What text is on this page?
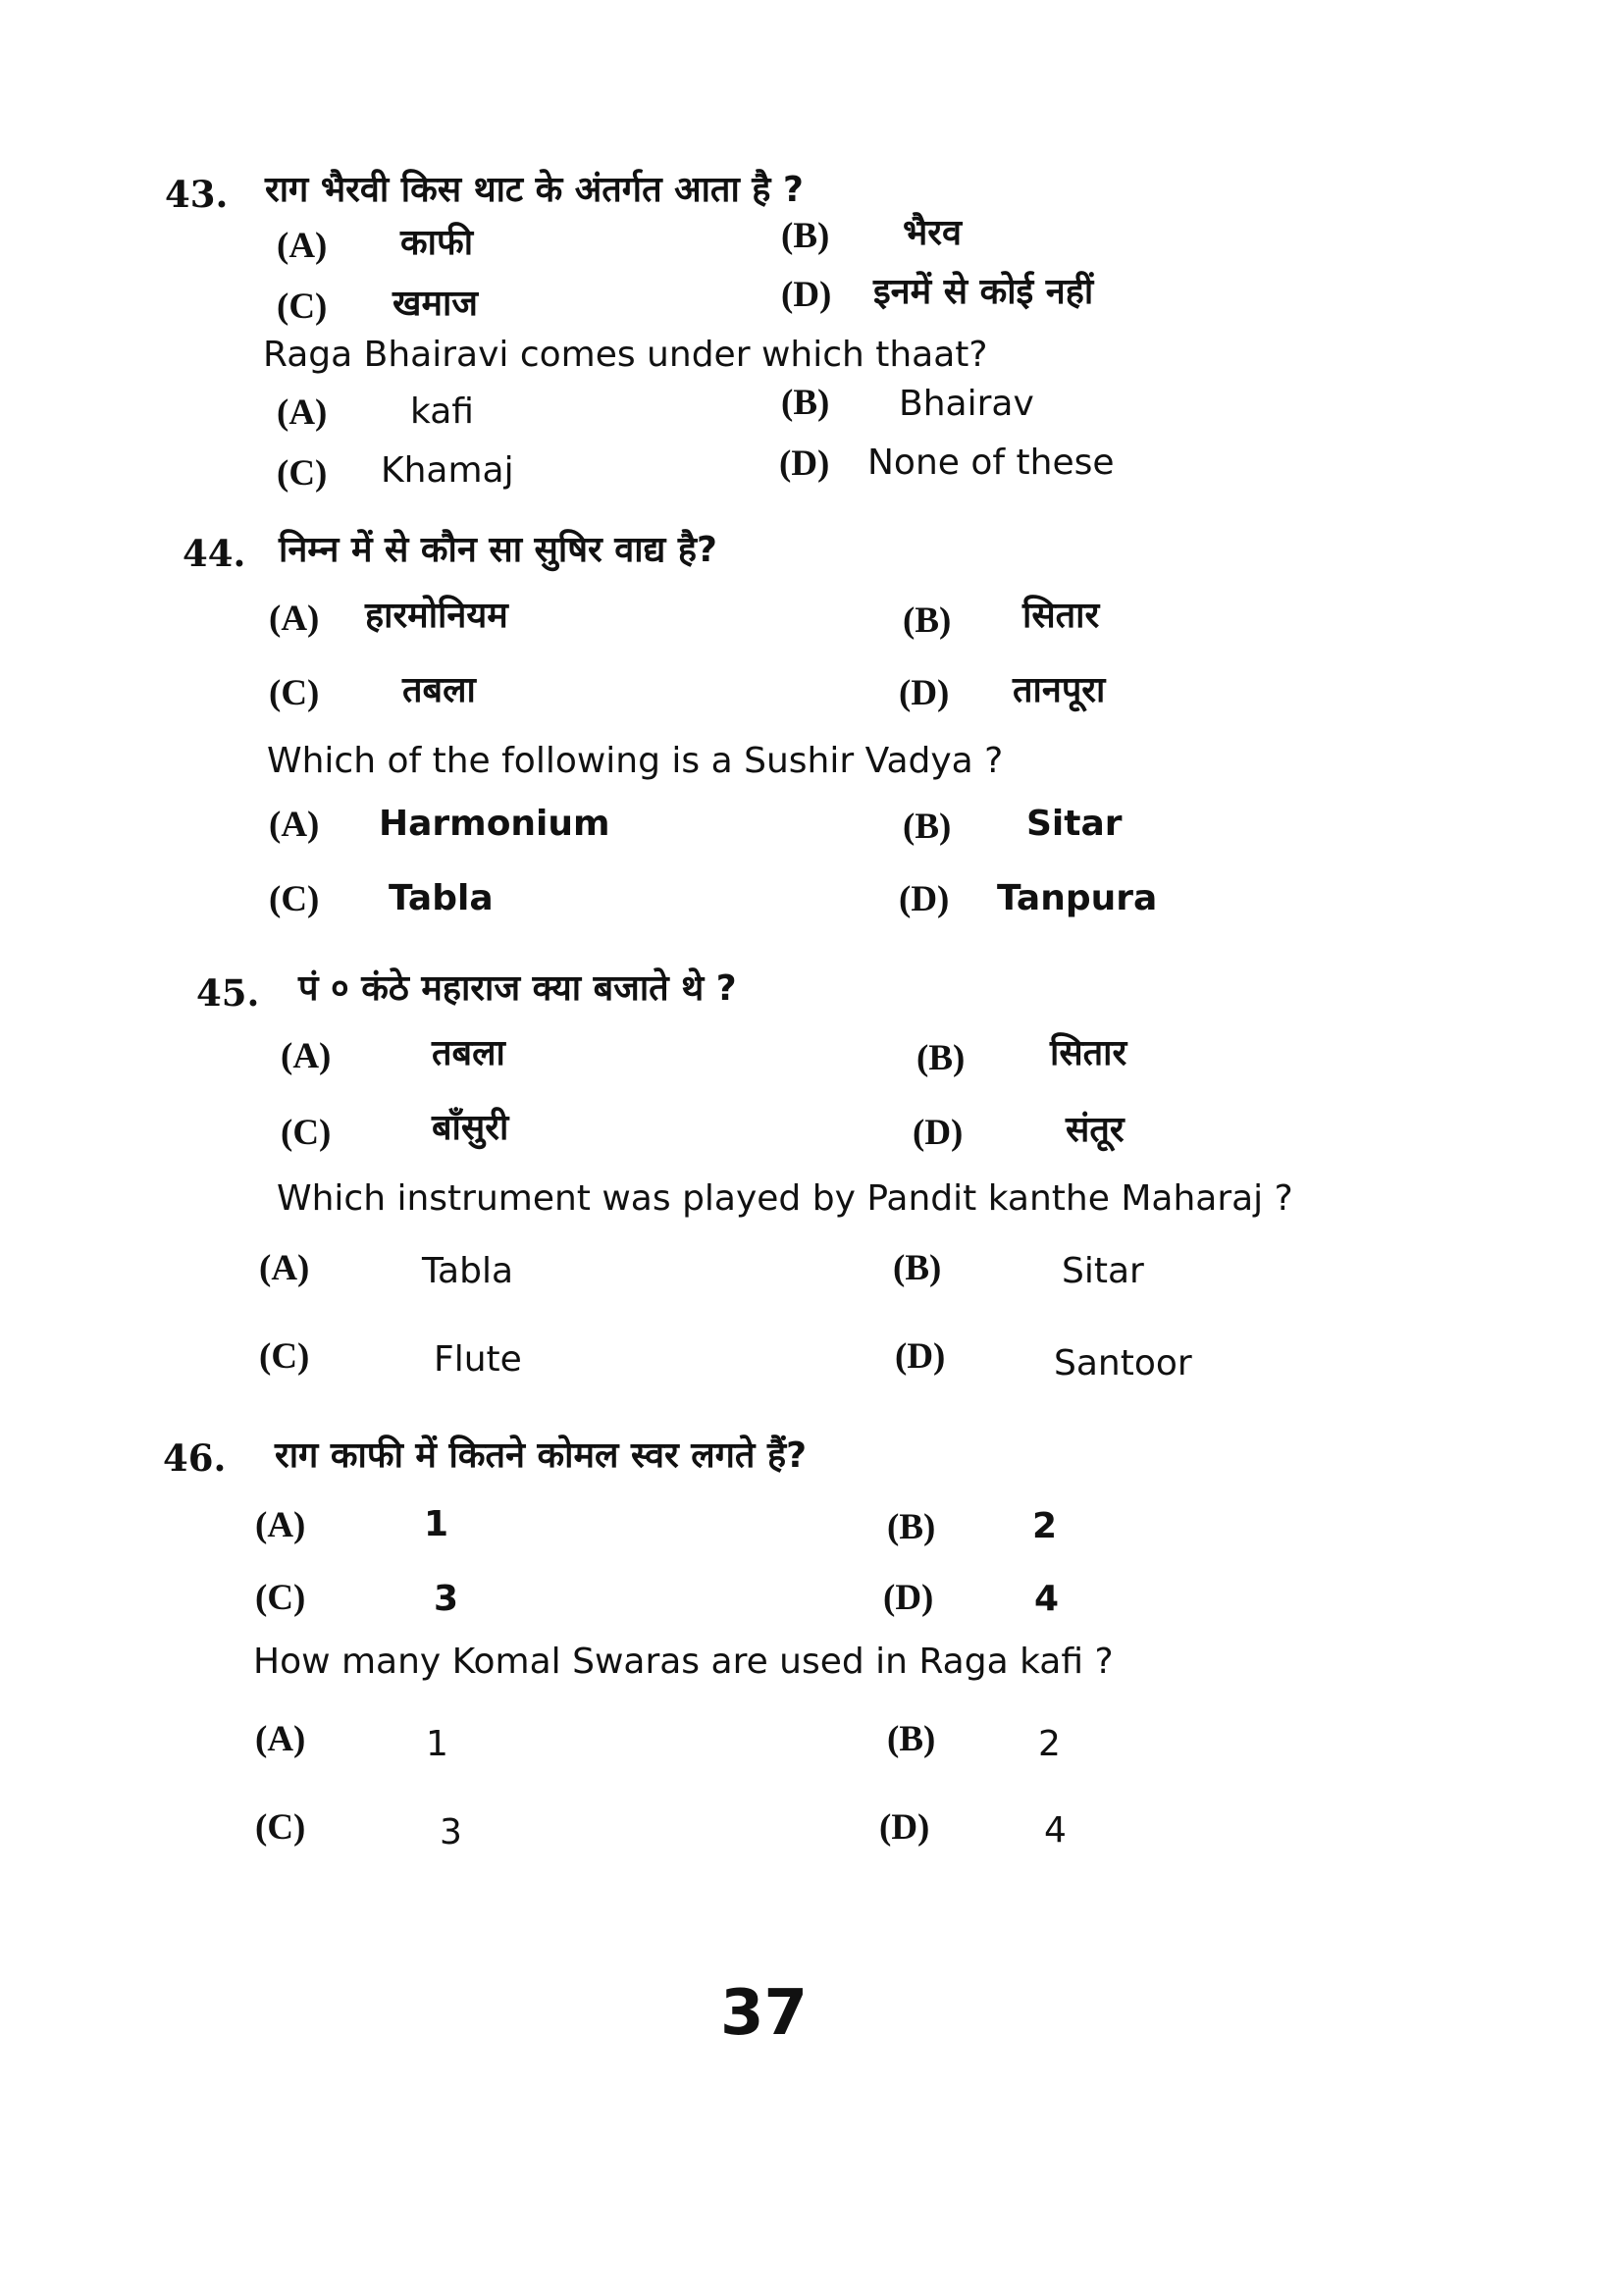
43. राग भैरवी किस थाट के अंतर्गत आता है ?
(A) काफी	(B) भैरव
(C) खमाज	(D) इनमें से कोई नहीं
Raga Bhairavi comes under which thaat?
(A) kafi	(B) Bhairav
(C) Khamaj	(D) None of these
44. निम्न में से कौन सा सुषिर वाद्य है?
(A) हारमोनियम	(B) सितार
(C) तबला	(D) तानपूरा
Which of the following is a Sushir Vadya ?
(A) Harmonium	(B) Sitar
(C) Tabla	(D) Tanpura
45. पं ० कंठे महाराज क्या बजाते थे ?
(A)	तबला	(B) सितार
(C)	बाँसुरी	(D)	संतूर
Which instrument was played by Pandit kanthe Maharaj ?
(A)	Tabla	(B)	Sitar
(C)	Flute	(D)	Santoor
46. राग काफी में कितने कोमल स्वर लगते हैं?
(A)	1	(B)	2
(C)	3	(D)	4
How many Komal Swaras are used in Raga kafi ?
(A)	1	(B)	2
(C)	3	(D)	4
37
